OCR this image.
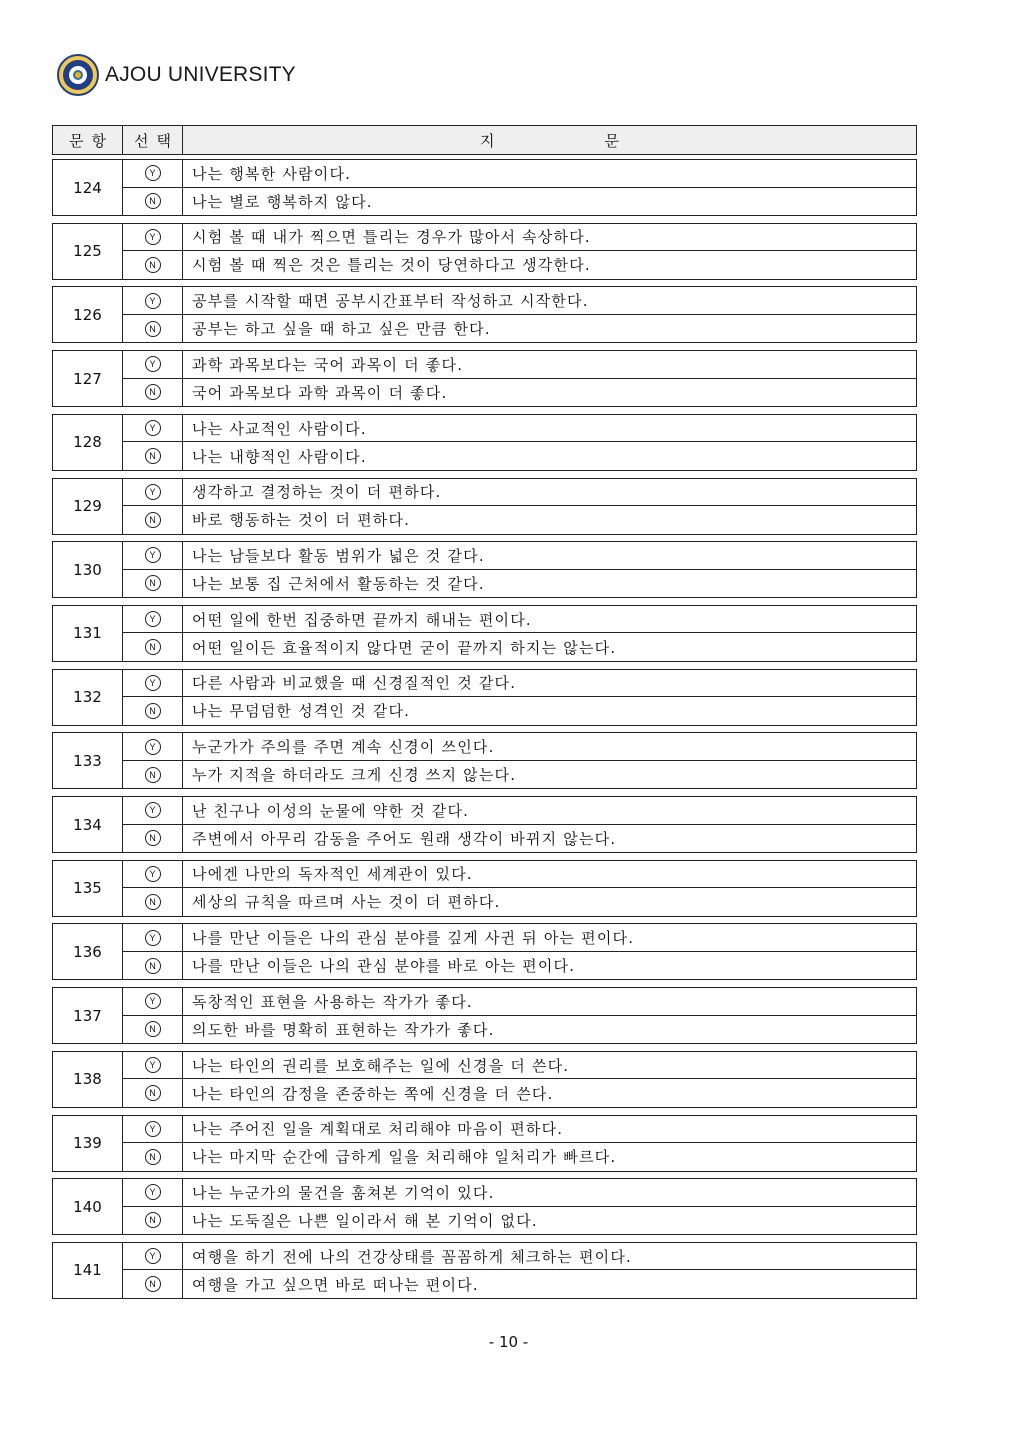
AJOU UNIVERSITY
문항	선택	지	문
124
Y	나는 행복한 사람이다.
N	나는 별로 행복하지 않다.
125
Y	시험 볼 때 내가 찍으면 틀리는 경우가 많아서 속상하다.
N	시험 볼 때 찍은 것은 틀리는 것이 당연하다고 생각한다.
126
Y	공부를 시작할 때면 공부시간표부터 작성하고 시작한다.
N	공부는 하고 싶을 때 하고 싶은 만큼 한다.
127
Y	과학 과목보다는 국어 과목이 더 좋다.
N	국어 과목보다 과학 과목이 더 좋다.
128
Y	나는 사교적인 사람이다.
N	나는 내향적인 사람이다.
129
Y	생각하고 결정하는 것이 더 편하다.
N	바로 행동하는 것이 더 편하다.
130
Y	나는 남들보다 활동 범위가 넓은 것 같다.
N	나는 보통 집 근처에서 활동하는 것 같다.
131
Y	어떤 일에 한번 집중하면 끝까지 해내는 편이다.
N	어떤 일이든 효율적이지 않다면 굳이 끝까지 하지는 않는다.
132
Y	다른 사람과 비교했을 때 신경질적인 것 같다.
N	나는 무덤덤한 성격인 것 같다.
133
Y	누군가가 주의를 주면 계속 신경이 쓰인다.
N	누가 지적을 하더라도 크게 신경 쓰지 않는다.
134
Y	난 친구나 이성의 눈물에 약한 것 같다.
N	주변에서 아무리 감동을 주어도 원래 생각이 바뀌지 않는다.
135
Y	나에겐 나만의 독자적인 세계관이 있다.
N	세상의 규칙을 따르며 사는 것이 더 편하다.
136
Y	나를 만난 이들은 나의 관심 분야를 깊게 사귄 뒤 아는 편이다.
N	나를 만난 이들은 나의 관심 분야를 바로 아는 편이다.
137
Y	독창적인 표현을 사용하는 작가가 좋다.
N	의도한 바를 명확히 표현하는 작가가 좋다.
138
Y	나는 타인의 권리를 보호해주는 일에 신경을 더 쓴다.
N	나는 타인의 감정을 존중하는 쪽에 신경을 더 쓴다.
139
Y	나는 주어진 일을 계획대로 처리해야 마음이 편하다.
N	나는 마지막 순간에 급하게 일을 처리해야 일처리가 빠르다.
140
Y	나는 누군가의 물건을 훔쳐본 기억이 있다.
N	나는 도둑질은 나쁜 일이라서 해 본 기억이 없다.
141
Y	여행을 하기 전에 나의 건강상태를 꼼꼼하게 체크하는 편이다.
N	여행을 가고 싶으면 바로 떠나는 편이다.
- 10 -
